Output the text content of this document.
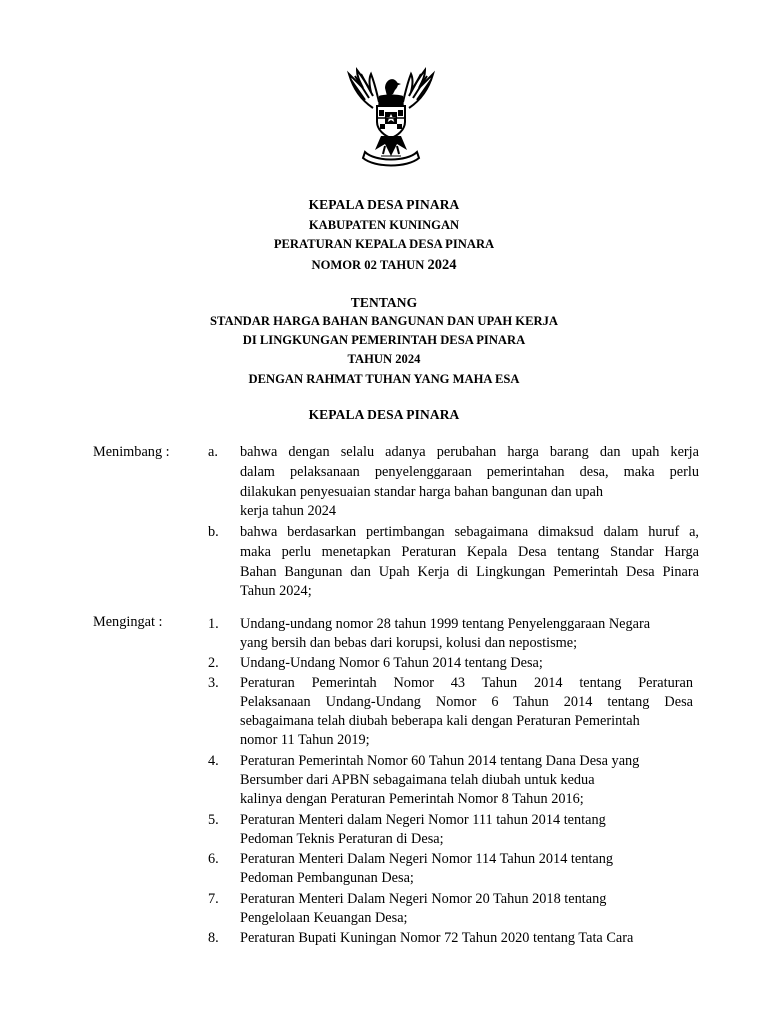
KEPALA DESA PINARA
KABUPATEN KUNINGAN
PERATURAN KEPALA DESA PINARA
NOMOR 02 TAHUN 2024
TENTANG
STANDAR HARGA BAHAN BANGUNAN DAN UPAH KERJA
DI LINGKUNGAN PEMERINTAH DESA PINARA
TAHUN 2024
DENGAN RAHMAT TUHAN YANG MAHA ESA
KEPALA DESA PINARA
Menimbang :	a. bahwa dengan selalu adanya perubahan harga barang dan upah kerja
dalam pelaksanaan penyelenggaraan pemerintahan desa, maka perlu
dilakukan penyesuaian standar harga bahan bangunan dan upah
kerja tahun 2024
b. bahwa berdasarkan pertimbangan sebagaimana dimaksud dalam huruf a,
maka perlu menetapkan Peraturan Kepala Desa tentang Standar Harga
Bahan Bangunan dan Upah Kerja di Lingkungan Pemerintah Desa Pinara
Tahun 2024;
Mengingat :	1. Undang-undang nomor 28 tahun 1999 tentang Penyelenggaraan Negara
yang bersih dan bebas dari korupsi, kolusi dan nepostisme;
2. Undang-Undang Nomor 6 Tahun 2014 tentang Desa;
3. Peraturan Pemerintah Nomor 43 Tahun 2014 tentang Peraturan
Pelaksanaan Undang-Undang Nomor 6 Tahun 2014 tentang Desa
sebagaimana telah diubah beberapa kali dengan Peraturan Pemerintah
nomor 11 Tahun 2019;
4. Peraturan Pemerintah Nomor 60 Tahun 2014 tentang Dana Desa yang
Bersumber dari APBN sebagaimana telah diubah untuk kedua
kalinya dengan Peraturan Pemerintah Nomor 8 Tahun 2016;
5. Peraturan Menteri dalam Negeri Nomor 111 tahun 2014 tentang
Pedoman Teknis Peraturan di Desa;
6. Peraturan Menteri Dalam Negeri Nomor 114 Tahun 2014 tentang
Pedoman Pembangunan Desa;
7. Peraturan Menteri Dalam Negeri Nomor 20 Tahun 2018 tentang
Pengelolaan Keuangan Desa;
8. Peraturan Bupati Kuningan Nomor 72 Tahun 2020 tentang Tata Cara
